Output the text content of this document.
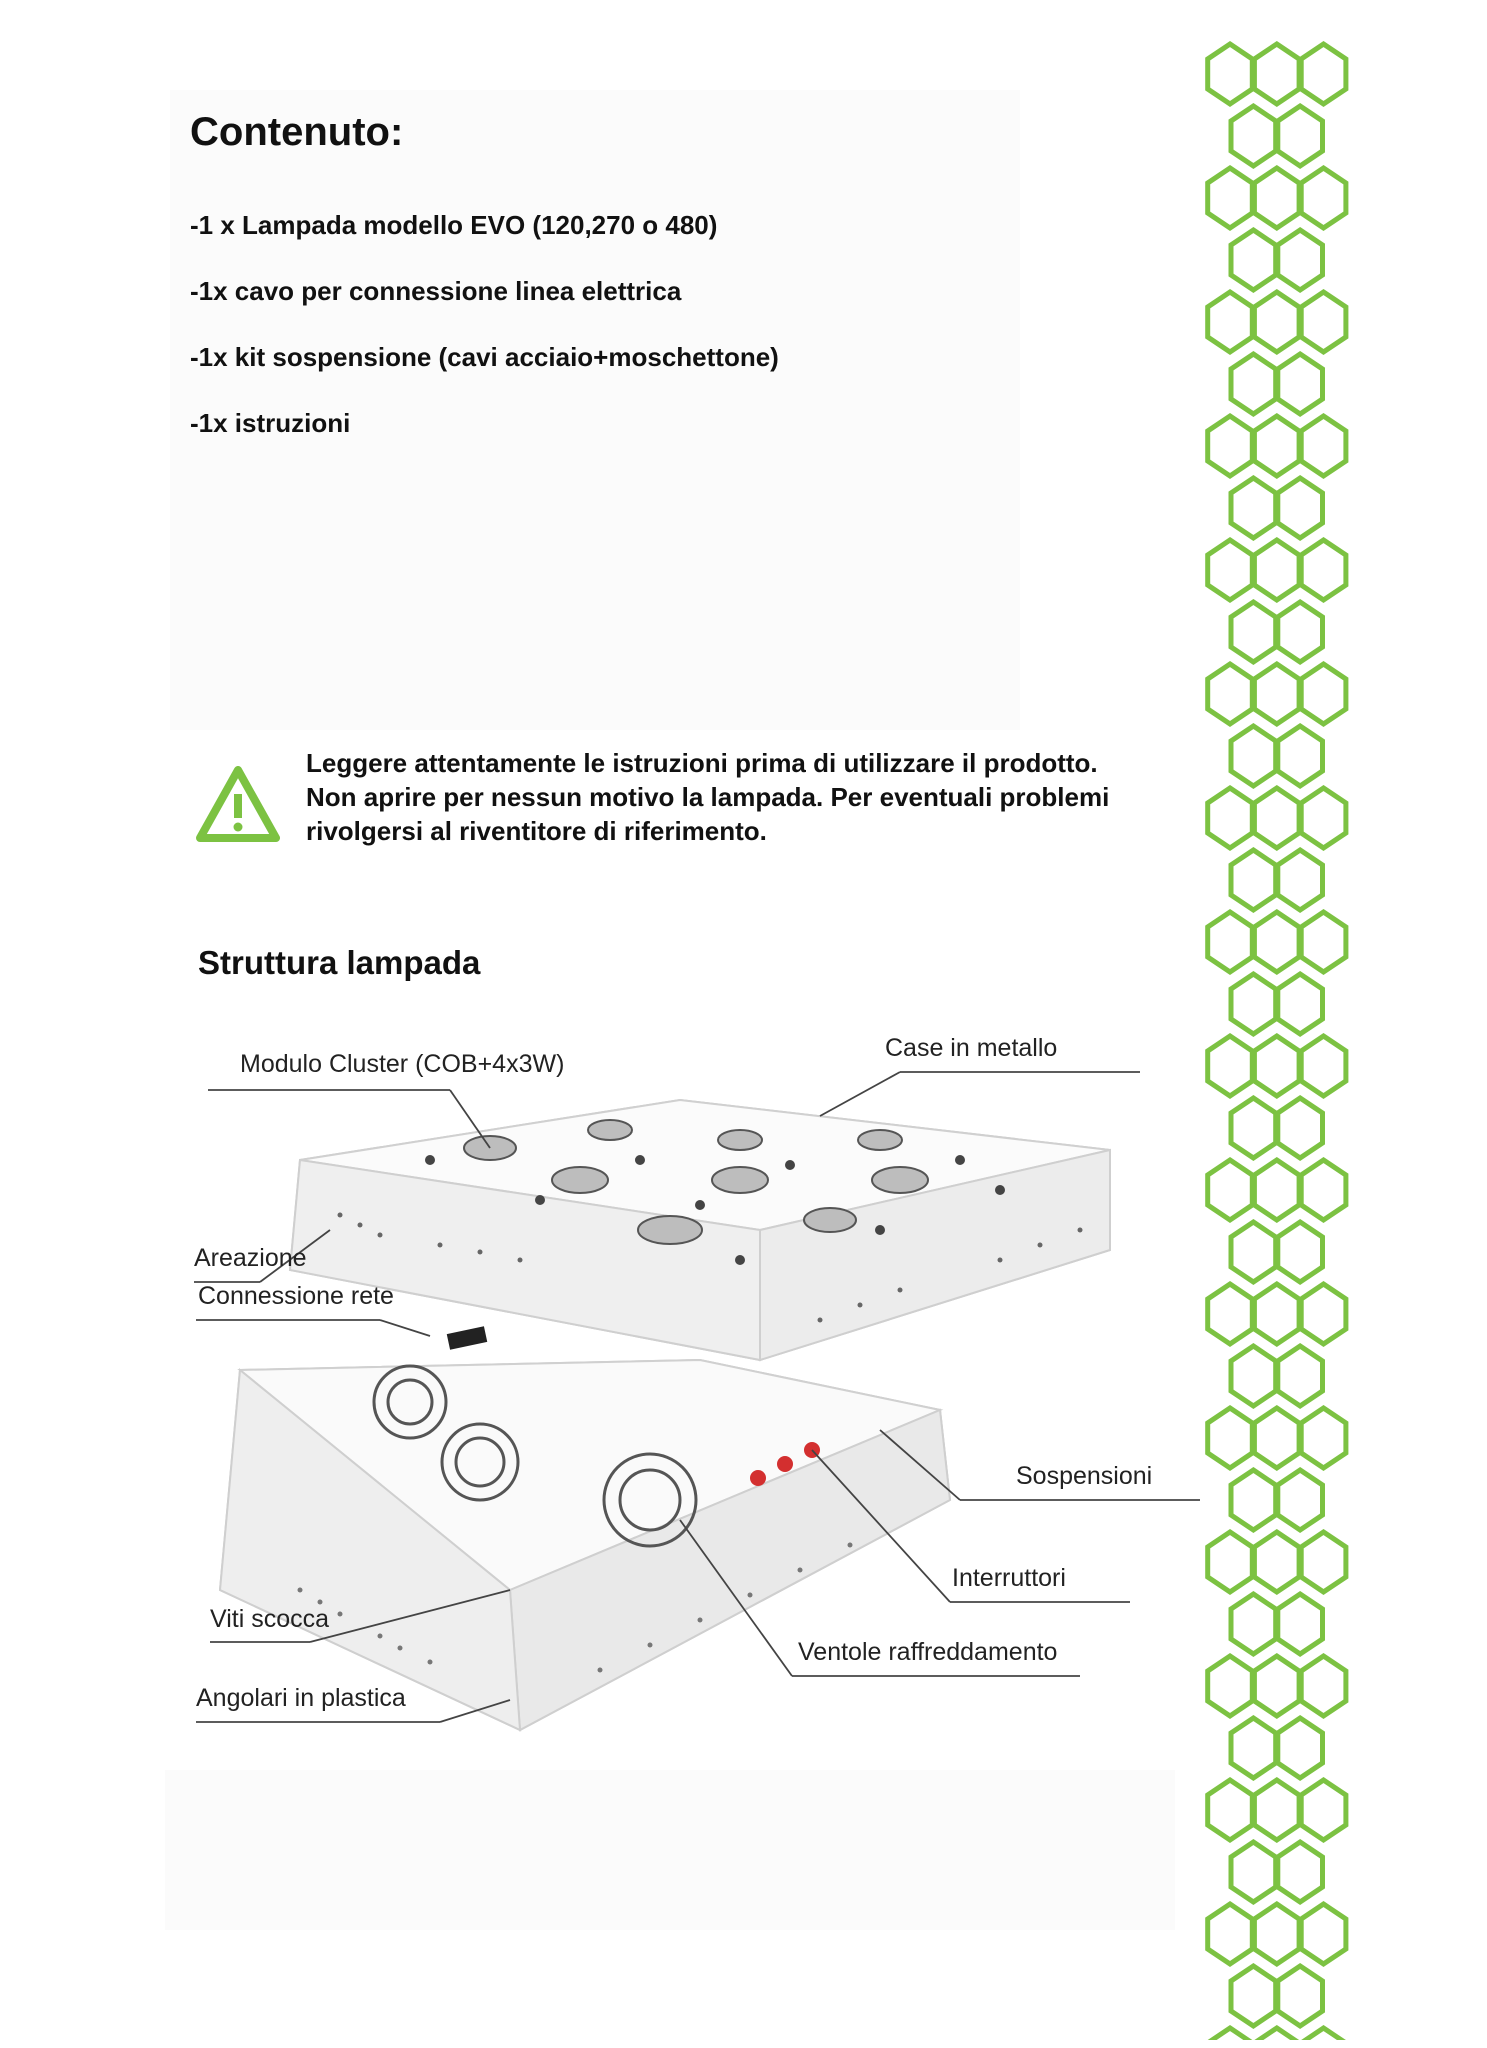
Contenuto:
-1 x Lampada modello EVO (120,270 o 480)
-1x cavo per connessione linea elettrica
-1x kit sospensione (cavi acciaio+moschettone)
-1x istruzioni
Leggere attentamente le istruzioni prima di utilizzare il prodotto.
Non aprire per nessun motivo la lampada. Per eventuali problemi
rivolgersi al riventitore di riferimento.
Struttura lampada
Modulo Cluster (COB+4x3W)
Case in metallo
Areazione
Connessione rete
Sospensioni
Interruttori
Viti scocca
Ventole raffreddamento
Angolari in plastica
